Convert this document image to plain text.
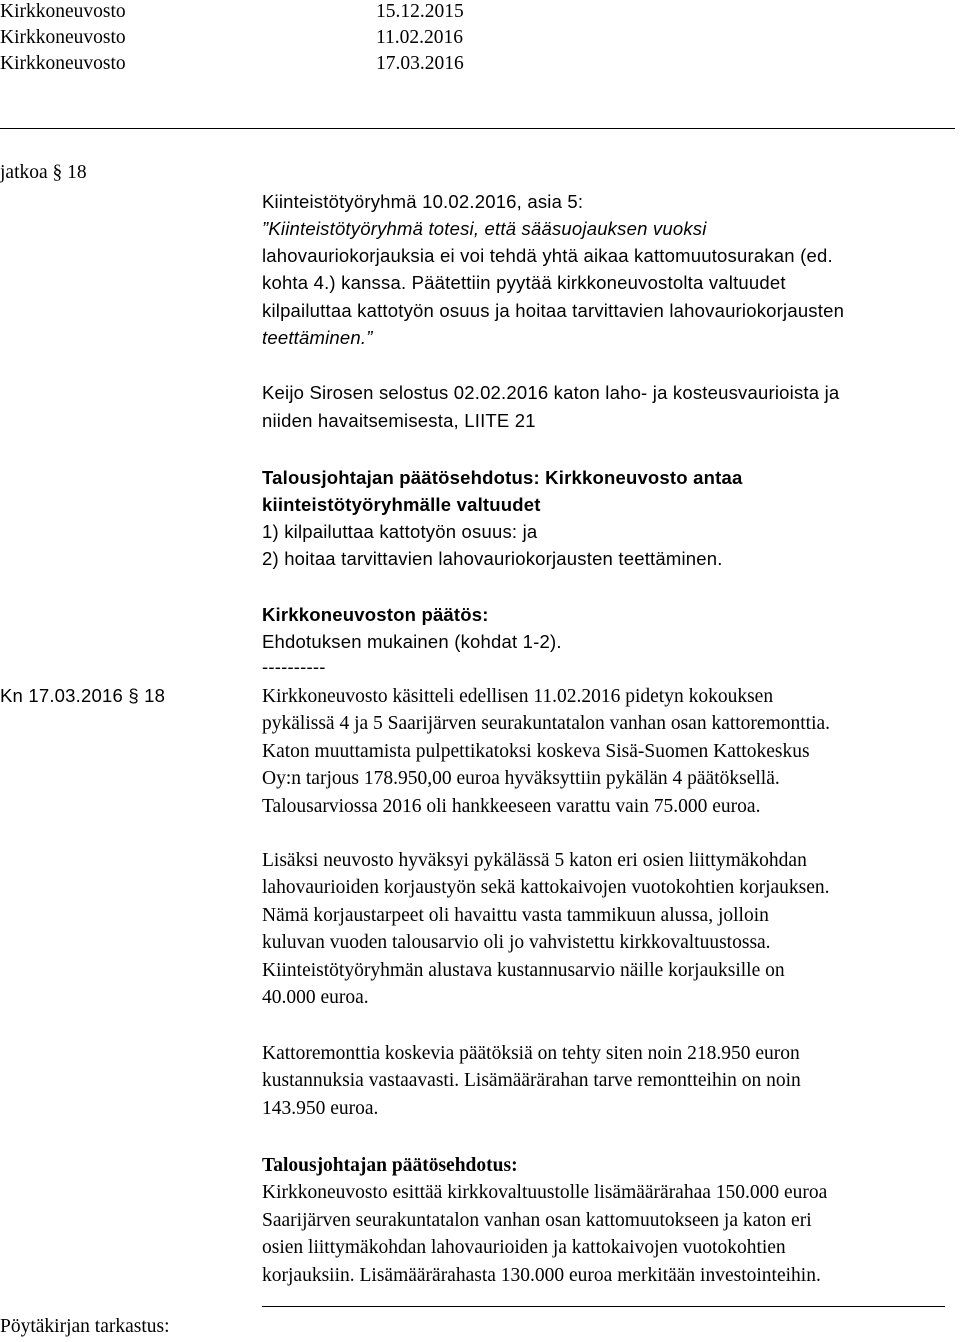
Kirkkoneuvosto	15.12.2015
Kirkkoneuvosto	11.02.2016
Kirkkoneuvosto	17.03.2016
jatkoa § 18
Kiinteistötyöryhmä 10.02.2016, asia 5:
”Kiinteistötyöryhmä totesi, että sääsuojauksen vuoksi
lahovauriokorjauksia ei voi tehdä yhtä aikaa kattomuutosurakan (ed.
kohta 4.) kanssa. Päätettiin pyytää kirkkoneuvostolta valtuudet
kilpailuttaa kattotyön osuus ja hoitaa tarvittavien lahovauriokorjausten
teettäminen.”
Keijo Sirosen selostus 02.02.2016 katon laho- ja kosteusvaurioista ja
niiden havaitsemisesta, LIITE 21
Talousjohtajan päätösehdotus: Kirkkoneuvosto antaa
kiinteistötyöryhmälle valtuudet
1) kilpailuttaa kattotyön osuus: ja
2) hoitaa tarvittavien lahovauriokorjausten teettäminen.
Kirkkoneuvoston päätös:
Ehdotuksen mukainen (kohdat 1-2).
----------
Kn 17.03.2016 § 18	Kirkkoneuvosto käsitteli edellisen 11.02.2016 pidetyn kokouksen
pykälissä 4 ja 5 Saarijärven seurakuntatalon vanhan osan kattoremonttia.
Katon muuttamista pulpettikatoksi koskeva Sisä-Suomen Kattokeskus
Oy:n tarjous 178.950,00 euroa hyväksyttiin pykälän 4 päätöksellä.
Talousarviossa 2016 oli hankkeeseen varattu vain 75.000 euroa.
Lisäksi neuvosto hyväksyi pykälässä 5 katon eri osien liittymäkohdan
lahovaurioiden korjaustyön sekä kattokaivojen vuotokohtien korjauksen.
Nämä korjaustarpeet oli havaittu vasta tammikuun alussa, jolloin
kuluvan vuoden talousarvio oli jo vahvistettu kirkkovaltuustossa.
Kiinteistötyöryhmän alustava kustannusarvio näille korjauksille on
40.000 euroa.
Kattoremonttia koskevia päätöksiä on tehty siten noin 218.950 euron
kustannuksia vastaavasti. Lisämäärärahan tarve remontteihin on noin
143.950 euroa.
Talousjohtajan päätösehdotus:
Kirkkoneuvosto esittää kirkkovaltuustolle lisämäärärahaa 150.000 euroa
Saarijärven seurakuntatalon vanhan osan kattomuutokseen ja katon eri
osien liittymäkohdan lahovaurioiden ja kattokaivojen vuotokohtien
korjauksiin. Lisämäärärahasta 130.000 euroa merkitään investointeihin.
Pöytäkirjan tarkastus:
